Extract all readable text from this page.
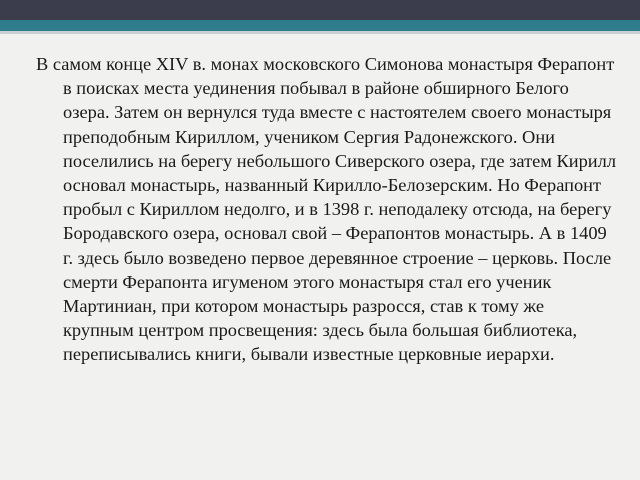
В самом конце XIV в. монах московского Симонова монастыря Ферапонт в поисках места уединения побывал в районе обширного Белого озера. Затем он вернулся туда вместе с настоятелем своего монастыря преподобным Кириллом, учеником Сергия Радонежского. Они поселились на берегу небольшого Сиверского озера, где затем Кирилл основал монастырь, названный Кирилло-Белозерским. Но Ферапонт пробыл с Кириллом недолго, и в 1398 г. неподалеку отсюда, на берегу Бородавского озера, основал свой – Ферапонтов монастырь. А в 1409 г. здесь было возведено первое деревянное строение – церковь. После смерти Ферапонта игуменом этого монастыря стал его ученик Мартиниан, при котором монастырь разросся, став к тому же крупным центром просвещения: здесь была большая библиотека, переписывались книги, бывали известные церковные иерархи.
